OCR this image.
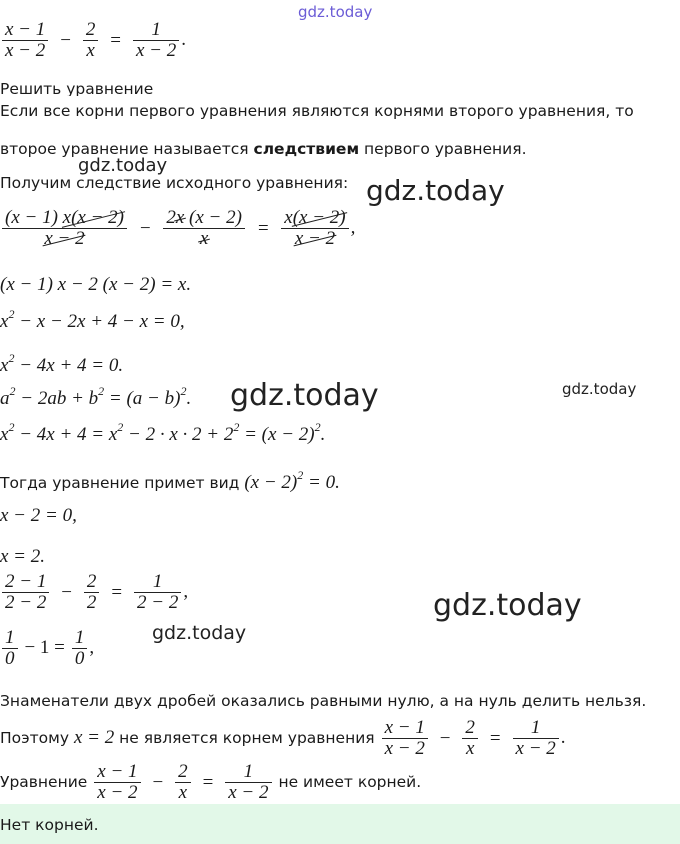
gdz.today
$\frac{x - 1}{x - 2} - \frac{2}{x} = \frac{1}{x - 2}$ .
Решить уравнение
Если все корни первого уравнения являются корнями второго уравнения, то
второе уравнение называется следствием первого уравнения.
gdz.today
Получим следствие исходного уравнения: gdz.today
$\frac{(x - 1) x(x - 2)}{x - 2} - \frac{2x (x - 2)}{x} = \frac{x(x - 2)}{x - 2}$ ,
(x − 1) x − 2 (x − 2) = x.
$x^2 - x - 2x + 4 - x = 0$,
$x^2 - 4x + 4 = 0$.
$a^2 - 2ab + b^2 = (a - b)^2$. gdz.today	gdz.today
$x^2 - 4x + 4 = x^2 - 2 \cdot x \cdot 2 + 2^2 = (x - 2)^2$.
Тогда уравнение примет вид $(x - 2)^2 = 0$.
x − 2 = 0,
x = 2.
$\frac{2 - 1}{2 - 2} - \frac{2}{2} = \frac{1}{2 - 2}$ ,	gdz.today
gdz.today
$\frac{1}{0} - 1 = \frac{1}{0}$ ,
Знаменатели двух дробей оказались равными нулю, а на нуль делить нельзя.
Поэтому x = 2 не является корнем уравнения $\frac{x - 1}{x - 2} - \frac{2}{x} = \frac{1}{x - 2}$ .
Уравнение $\frac{x - 1}{x - 2} - \frac{2}{x} = \frac{1}{x - 2}$ не имеет корней.
Нет корней.
